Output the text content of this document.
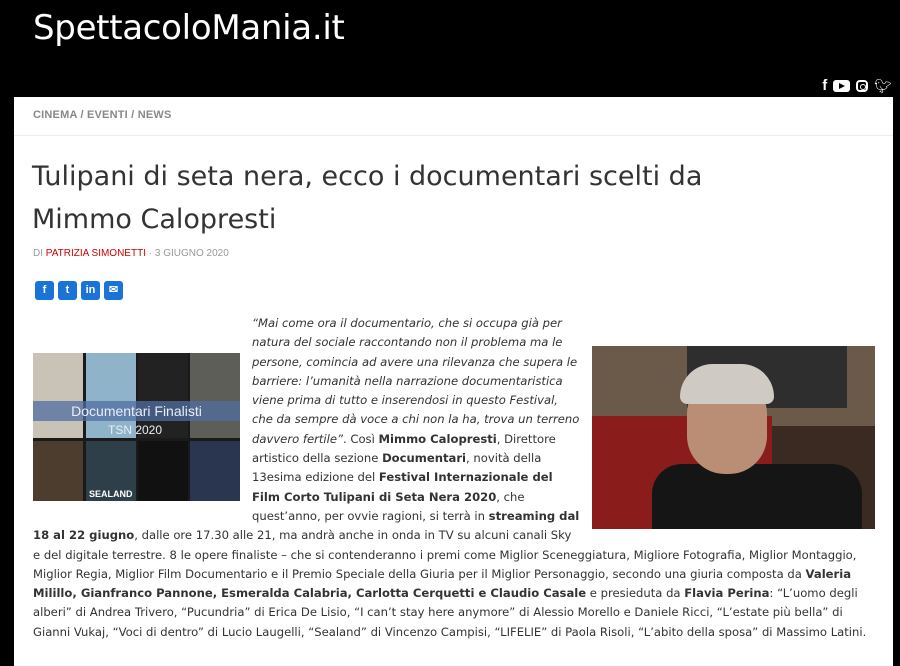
SpettacoloMania.it
f	🐦︎
CINEMA / EVENTI / NEWS
Tulipani di seta nera, ecco i documentari scelti da Mimmo Calopresti
DI PATRIZIA SIMONETTI · 3 GIUGNO 2020
f	t	in	✉
Documentari Finalisti
TSN 2020
SEALAND

“Mai come ora il documentario, che si occupa già per natura del sociale raccontando non il problema ma le persone, comincia ad avere una rilevanza che supera le barriere: l’umanità nella narrazione documentaristica viene prima di tutto e inserendosi in questo Festival, che da sempre dà voce a chi non la ha, trova un terreno davvero fertile”. Così Mimmo Calopresti, Direttore artistico della sezione Documentari, novità della 13esima edizione del Festival Internazionale del Film Corto Tulipani di Seta Nera 2020, che quest’anno, per ovvie ragioni, si terrà in streaming dal 18 al 22 giugno, dalle ore 17.30 alle 21, ma andrà anche in onda in TV su alcuni canali Sky e del digitale terrestre. 8 le opere finaliste – che si contenderanno i premi come Miglior Sceneggiatura, Migliore Fotografia, Miglior Montaggio, Miglior Regia, Miglior Film Documentario e il Premio Speciale della Giuria per il Miglior Personaggio, secondo una giuria composta da Valeria Milillo, Gianfranco Pannone, Esmeralda Calabria, Carlotta Cerquetti e Claudio Casale e presieduta da Flavia Perina: “L’uomo degli alberi” di Andrea Trivero, “Pucundria” di Erica De Lisio, “I can’t stay here anymore” di Alessio Morello e Daniele Ricci, “L’estate più bella” di Gianni Vukaj, “Voci di dentro” di Lucio Laugelli, “Sealand” di Vincenzo Campisi, “LIFELIE” di Paola Risoli, “L’abito della sposa” di Massimo Latini.
